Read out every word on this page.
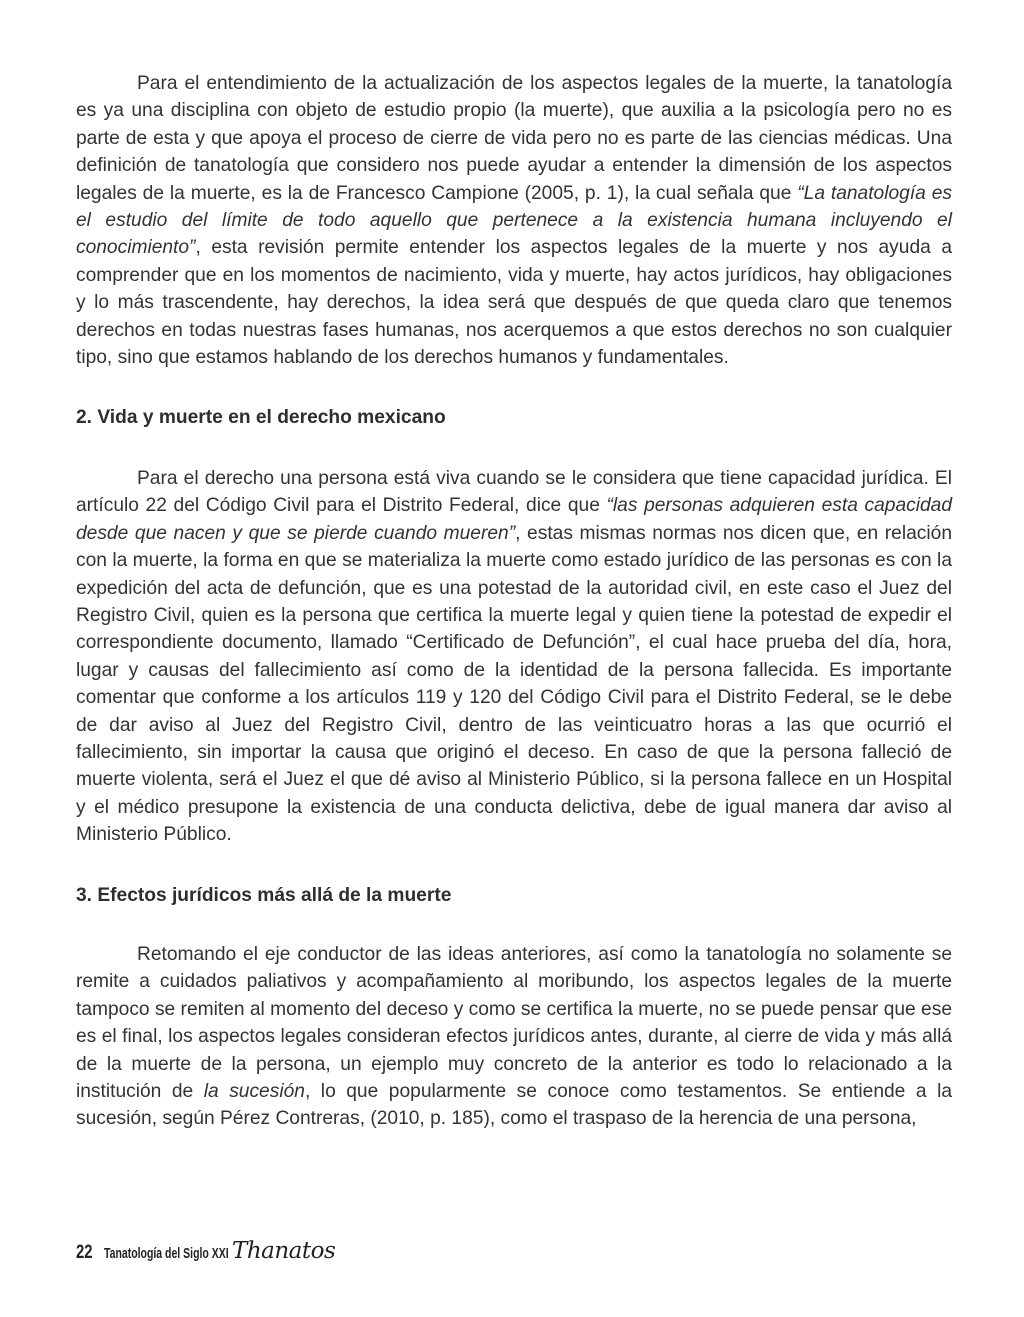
Para el entendimiento de la actualización de los aspectos legales de la muerte, la tanatología es ya una disciplina con objeto de estudio propio (la muerte), que auxilia a la psicología pero no es parte de esta y que apoya el proceso de cierre de vida pero no es parte de las ciencias médicas. Una definición de tanatología que considero nos puede ayudar a entender la dimensión de los aspectos legales de la muerte, es la de Francesco Campione (2005, p. 1), la cual señala que “La tanatología es el estudio del límite de todo aquello que pertenece a la existencia humana incluyendo el conocimiento”, esta revisión permite entender los aspectos legales de la muerte y nos ayuda a comprender que en los momentos de nacimiento, vida y muerte, hay actos jurídicos, hay obligaciones y lo más trascendente, hay derechos, la idea será que después de que queda claro que tenemos derechos en todas nuestras fases humanas, nos acerquemos a que estos derechos no son cualquier tipo, sino que estamos hablando de los derechos humanos y fundamentales.

2. Vida y muerte en el derecho mexicano

Para el derecho una persona está viva cuando se le considera que tiene capacidad jurídica. El artículo 22 del Código Civil para el Distrito Federal, dice que “las personas adquieren esta capacidad desde que nacen y que se pierde cuando mueren”, estas mismas normas nos dicen que, en relación con la muerte, la forma en que se materializa la muerte como estado jurídico de las personas es con la expedición del acta de defunción, que es una potestad de la autoridad civil, en este caso el Juez del Registro Civil, quien es la persona que certifica la muerte legal y quien tiene la potestad de expedir el correspondiente documento, llamado “Certificado de Defunción”, el cual hace prueba del día, hora, lugar y causas del fallecimiento así como de la identidad de la persona fallecida. Es importante comentar que conforme a los artículos 119 y 120 del Código Civil para el Distrito Federal, se le debe de dar aviso al Juez del Registro Civil, dentro de las veinticuatro horas a las que ocurrió el fallecimiento, sin importar la causa que originó el deceso. En caso de que la persona falleció de muerte violenta, será el Juez el que dé aviso al Ministerio Público, si la persona fallece en un Hospital y el médico presupone la existencia de una conducta delictiva, debe de igual manera dar aviso al Ministerio Público.

3. Efectos jurídicos más allá de la muerte

Retomando el eje conductor de las ideas anteriores, así como la tanatología no solamente se remite a cuidados paliativos y acompañamiento al moribundo, los aspectos legales de la muerte tampoco se remiten al momento del deceso y como se certifica la muerte, no se puede pensar que ese es el final, los aspectos legales consideran efectos jurídicos antes, durante, al cierre de vida y más allá de la muerte de la persona, un ejemplo muy concreto de la anterior es todo lo relacionado a la institución de la sucesión, lo que popularmente se conoce como testamentos. Se entiende a la sucesión, según Pérez Contreras, (2010, p. 185), como el traspaso de la herencia de una persona,

22 Tanatología del Siglo XXI Thanatos
